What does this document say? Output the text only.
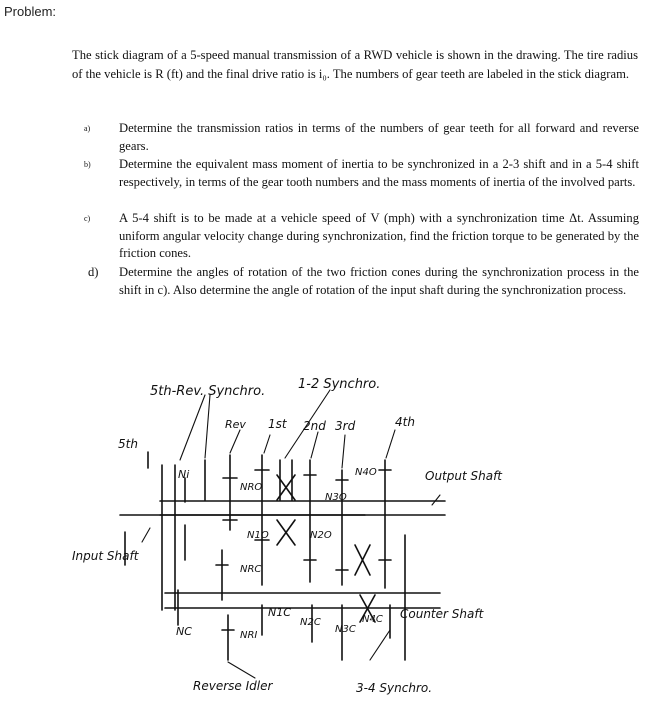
Problem:
The stick diagram of a 5-speed manual transmission of a RWD vehicle is shown in the drawing. The tire radius of the vehicle is R (ft) and the final drive ratio is i₀. The numbers of gear teeth are labeled in the stick diagram.
a) Determine the transmission ratios in terms of the numbers of gear teeth for all forward and reverse gears.
b) Determine the equivalent mass moment of inertia to be synchronized in a 2-3 shift and in a 5-4 shift respectively, in terms of the gear tooth numbers and the mass moments of inertia of the involved parts.
c) A 5-4 shift is to be made at a vehicle speed of V (mph) with a synchronization time Δt. Assuming uniform angular velocity change during synchronization, find the friction torque to be generated by the friction cones.
d) Determine the angles of rotation of the two friction cones during the synchronization process in the shift in c). Also determine the angle of rotation of the input shaft during the synchronization process.
5th-Rev. Synchro.	1-2 Synchro.
Rev 1st 2nd 3rd	4th
5th
Input Shaft
Output Shaft
Counter Shaft
Reverse Idler	3-4 Synchro.
Ni
NRO
N3O
N4O
N1O	N2O
NRC
N1C
NC	NRI
N2C
N3C
N4C
